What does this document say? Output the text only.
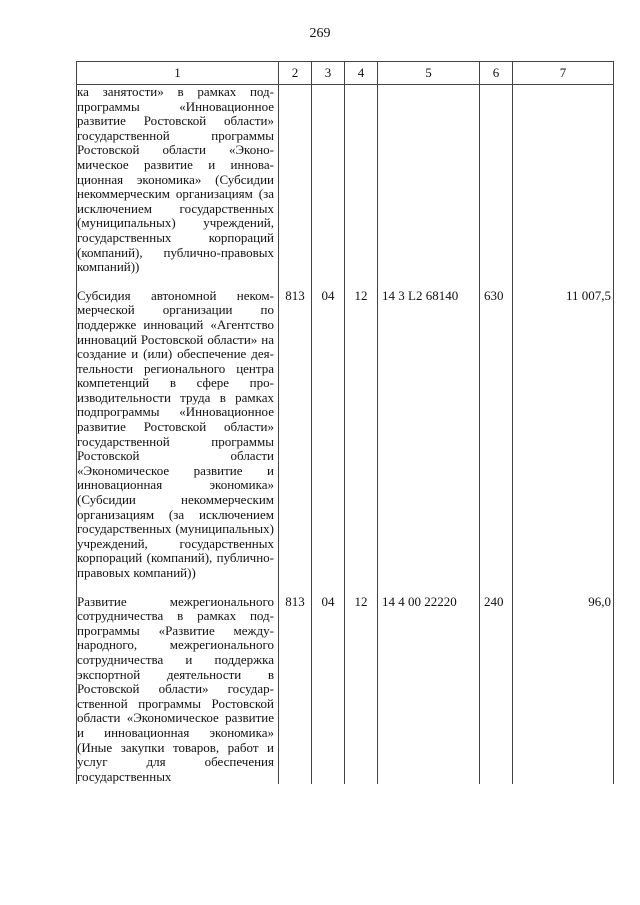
269
1	2	3	4	5	6	7
ка занятости» в рамках подпрограммы «Инновационное развитие Ростовской области» государственной программы Ростовской области «Экономическое развитие и инновационная экономика» (Субсидии некоммерческим организациям (за исключением государственных (муниципальных) учреждений, государственных корпораций (компаний), публично-правовых компаний))						

Субсидия автономной некоммерческой организации по поддержке инноваций «Агентство инноваций Ростовской области» на создание и (или) обеспечение деятельности регионального центра компетенций в сфере производительности труда в рамках подпрограммы «Инновационное развитие Ростовской области» государственной программы Ростовской области «Экономическое развитие и инновационная экономика» (Субсидии некоммерческим организациям (за исключением государственных (муниципальных) учреждений, государственных корпораций (компаний), публично-правовых компаний))	813	04	12	14 3 L2 68140	630	11 007,5

Развитие межрегионального сотрудничества в рамках подпрограммы «Развитие международного, межрегионального сотрудничества и поддержка экспортной деятельности в Ростовской области» государственной программы Ростовской области «Экономическое развитие и инновационная экономика» (Иные закупки товаров, работ и услуг для обеспечения государственных	813	04	12	14 4 00 22220	240	96,0
